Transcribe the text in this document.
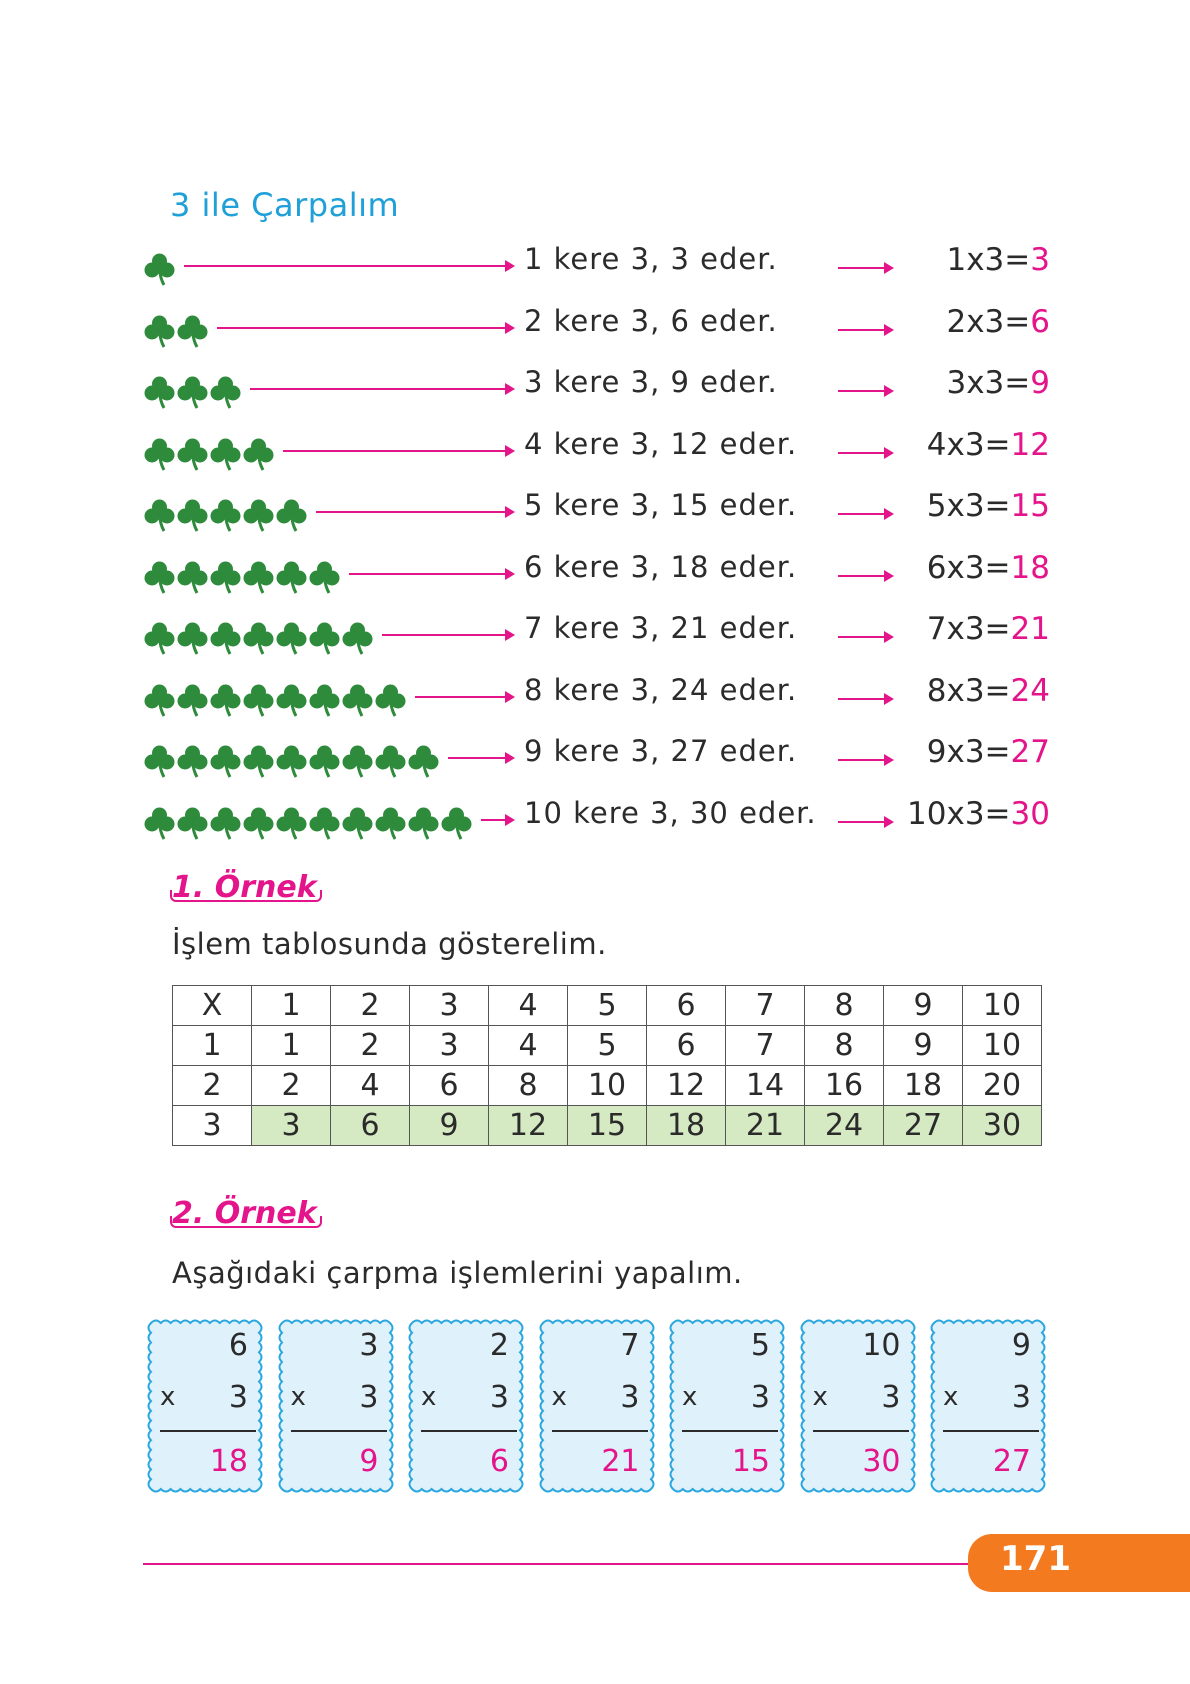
3 ile Çarpalım
1 kere 3, 3 eder.	1x3=3
2 kere 3, 6 eder.	2x3=6
3 kere 3, 9 eder.	3x3=9
4 kere 3, 12 eder.	4x3=12
5 kere 3, 15 eder.	5x3=15
6 kere 3, 18 eder.	6x3=18
7 kere 3, 21 eder.	7x3=21
8 kere 3, 24 eder.	8x3=24
9 kere 3, 27 eder.	9x3=27
10 kere 3, 30 eder.	10x3=30
1. Örnek
İşlem tablosunda gösterelim.
X	1	2	3	4	5	6	7	8	9	10
1	1	2	3	4	5	6	7	8	9	10
2	2	4	6	8	10	12	14	16	18	20
3	3	6	9	12	15	18	21	24	27	30
2. Örnek
Aşağıdaki çarpma işlemlerini yapalım.
6
x 3
18
3
x 3
9
2
x 3
6
7
x 3
21
5
x 3
15
10
x 3
30
9
x 3
27
171
